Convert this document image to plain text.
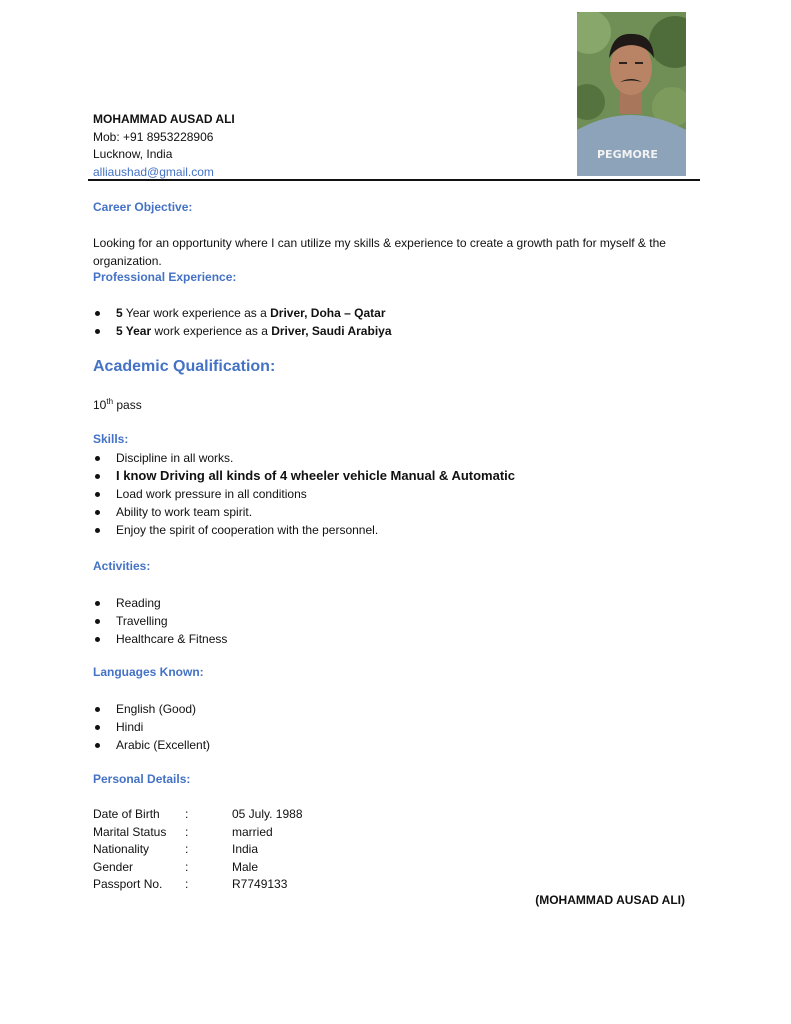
PEGMORE
MOHAMMAD AUSAD ALI
Mob: +91 8953228906
Lucknow, India
alliaushad@gmail.com
Career Objective:
Looking for an opportunity where I can utilize my skills & experience to create a growth path for myself & the organization.
Professional Experience:
5 Year work experience as a Driver, Doha – Qatar
5 Year work experience as a Driver, Saudi Arabiya
Academic Qualification:
10th pass
Skills:
Discipline in all works.
I know Driving all kinds of 4 wheeler vehicle Manual & Automatic
Load work pressure in all conditions
Ability to work team spirit.
Enjoy the spirit of cooperation with the personnel.
Activities:
Reading
Travelling
Healthcare & Fitness
Languages Known:
English (Good)
Hindi
Arabic (Excellent)
Personal Details:
Date of Birth	:	05 July. 1988
Marital Status	:	married
Nationality	:	India
Gender	:	Male
Passport No.	:	R7749133
(MOHAMMAD AUSAD ALI)
